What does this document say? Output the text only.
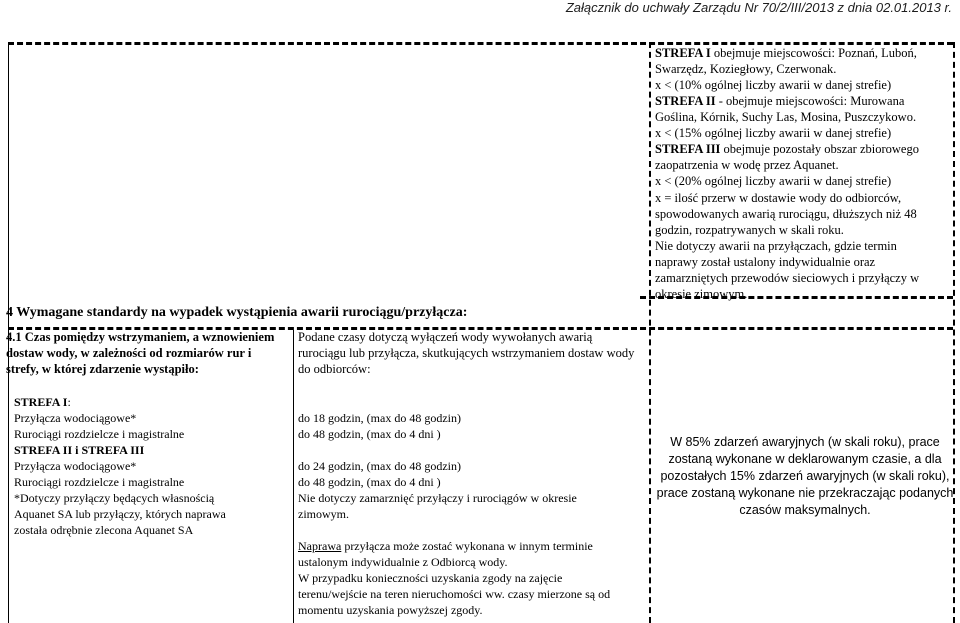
Załącznik do uchwały Zarządu Nr 70/2/III/2013 z dnia 02.01.2013 r.
STREFA I obejmuje miejscowości: Poznań, Luboń,
Swarzędz, Koziegłowy, Czerwonak.
x < (10% ogólnej liczby awarii w danej strefie)
STREFA II - obejmuje miejscowości: Murowana
Goślina, Kórnik, Suchy Las, Mosina, Puszczykowo.
x < (15% ogólnej liczby awarii w danej strefie)
STREFA III obejmuje pozostały obszar zbiorowego
zaopatrzenia w wodę przez Aquanet.
x < (20% ogólnej liczby awarii w danej strefie)
x = ilość przerw w dostawie wody do odbiorców,
spowodowanych awarią rurociągu, dłuższych niż 48
godzin, rozpatrywanych w skali roku.
Nie dotyczy awarii na przyłączach, gdzie termin
naprawy został ustalony indywidualnie oraz
zamarzniętych przewodów sieciowych i przyłączy w
okresie zimowym.
4 Wymagane standardy na wypadek wystąpienia awarii rurociągu/przyłącza:
4.1 Czas pomiędzy wstrzymaniem, a wznowieniem
dostaw wody, w zależności od rozmiarów rur i
strefy, w której zdarzenie wystąpiło:
Podane czasy dotyczą wyłączeń wody wywołanych awarią
rurociągu lub przyłącza, skutkujących wstrzymaniem dostaw wody
do odbiorców:
STREFA I:
Przyłącza wodociągowe*
Rurociągi rozdzielcze i magistralne
STREFA II i STREFA III
Przyłącza wodociągowe*
Rurociągi rozdzielcze i magistralne
*Dotyczy przyłączy będących własnością
Aquanet SA lub przyłączy, których naprawa
została odrębnie zlecona Aquanet SA
do 18 godzin, (max do 48 godzin)
do 48 godzin, (max do 4 dni )
do 24 godzin, (max do 48 godzin)
do 48 godzin, (max do 4 dni )
Nie dotyczy zamarznięć przyłączy i rurociągów w okresie
zimowym.
Naprawa przyłącza może zostać wykonana w innym terminie
ustalonym indywidualnie z Odbiorcą wody.
W przypadku konieczności uzyskania zgody na zajęcie
terenu/wejście na teren nieruchomości ww. czasy mierzone są od
momentu uzyskania powyższej zgody.
W 85% zdarzeń awaryjnych (w skali roku), prace zostaną wykonane w deklarowanym czasie, a dla pozostałych 15% zdarzeń awaryjnych (w skali roku), prace zostaną wykonane nie przekraczając podanych czasów maksymalnych.
